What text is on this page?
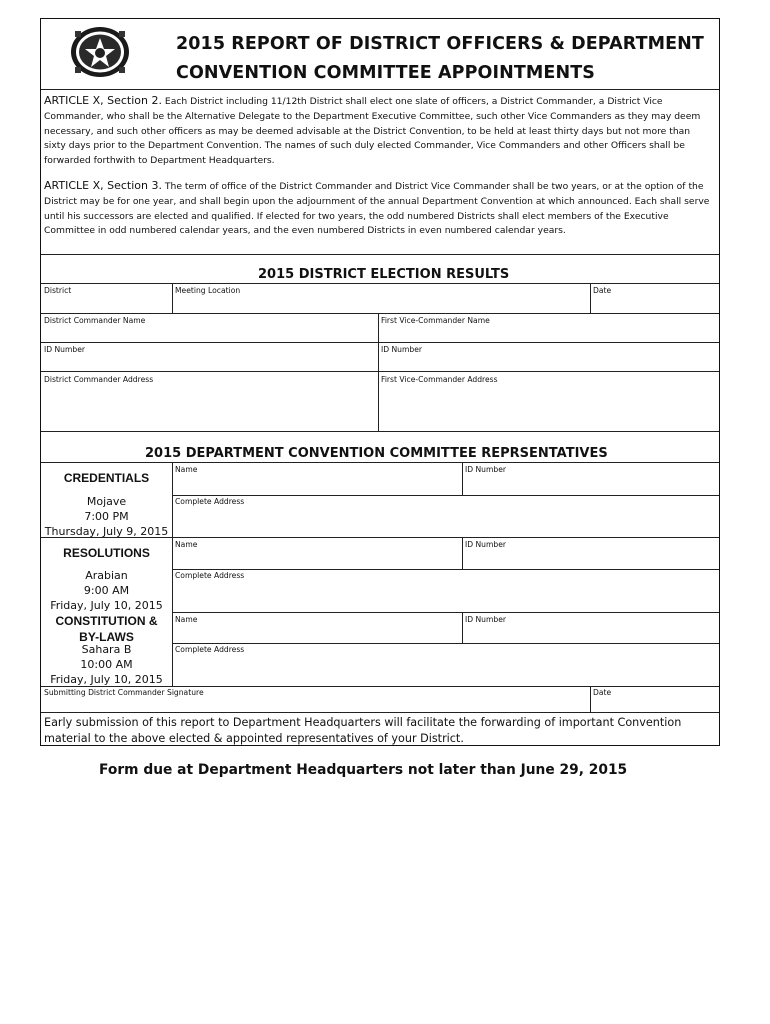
2015 REPORT OF DISTRICT OFFICERS & DEPARTMENT
CONVENTION COMMITTEE APPOINTMENTS
ARTICLE X, Section 2. Each District including 11/12th District shall elect one slate of officers, a District Commander, a District Vice Commander, who shall be the Alternative Delegate to the Department Executive Committee, such other Vice Commanders as they may deem necessary, and such other officers as may be deemed advisable at the District Convention, to be held at least thirty days but not more than sixty days prior to the Department Convention. The names of such duly elected Commander, Vice Commanders and other Officers shall be forwarded forthwith to Department Headquarters.
ARTICLE X, Section 3. The term of office of the District Commander and District Vice Commander shall be two years, or at the option of the District may be for one year, and shall begin upon the adjournment of the annual Department Convention at which announced. Each shall serve until his successors are elected and qualified. If elected for two years, the odd numbered Districts shall elect members of the Executive Committee in odd numbered calendar years, and the even numbered Districts in even numbered calendar years.
2015 DISTRICT ELECTION RESULTS
District	Meeting Location	Date
District Commander Name	First Vice-Commander Name
ID Number	ID Number
District Commander Address	First Vice-Commander Address
2015 DEPARTMENT CONVENTION COMMITTEE REPRSENTATIVES
CREDENTIALS
Mojave
7:00 PM
Thursday, July 9, 2015
Name	ID Number
Complete Address
RESOLUTIONS
Arabian
9:00 AM
Friday, July 10, 2015
Name	ID Number
Complete Address
CONSTITUTION &
BY-LAWS
Sahara B
10:00 AM
Friday, July 10, 2015
Name	ID Number
Complete Address
Submitting District Commander Signature	Date
Early submission of this report to Department Headquarters will facilitate the forwarding of important Convention material to the above elected & appointed representatives of your District.
Form due at Department Headquarters not later than June 29, 2015
